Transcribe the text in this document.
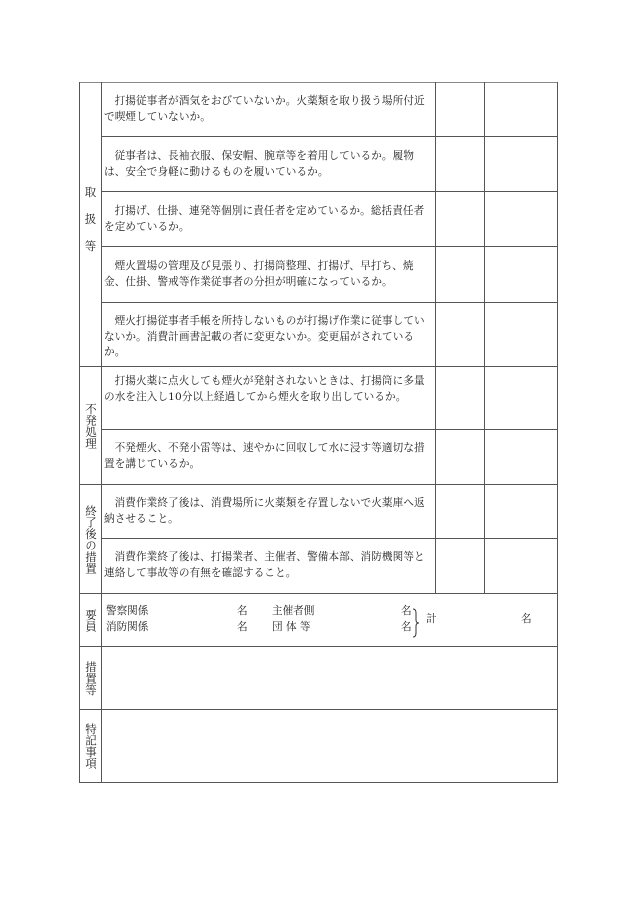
取
扱
等
不発処理
終了後の措置
要員
措置等
特記事項
打揚従事者が酒気をおびていないか。火薬類を取り扱う場所付近で喫煙していないか。
従事者は、長袖衣服、保安帽、腕章等を着用しているか。履物は、安全で身軽に動けるものを履いているか。
打揚げ、仕掛、連発等個別に責任者を定めているか。総括責任者を定めているか。
煙火置場の管理及び見張り、打揚筒整理、打揚げ、早打ち、焼金、仕掛、警戒等作業従事者の分担が明確になっているか。
煙火打揚従事者手帳を所持しないものが打揚げ作業に従事していないか。消費計画書記載の者に変更ないか。変更届がされているか。
打揚火薬に点火しても煙火が発射されないときは、打揚筒に多量の水を注入し10分以上経過してから煙火を取り出しているか。
不発煙火、不発小雷等は、速やかに回収して水に浸す等適切な措置を講じているか。
消費作業終了後は、消費場所に火薬類を存置しないで火薬庫へ返納させること。
消費作業終了後は、打揚業者、主催者、警備本部、消防機関等と連絡して事故等の有無を確認すること。
警察関係
消防関係
名
名
主催者側
団 体 等
名
名
計	名
